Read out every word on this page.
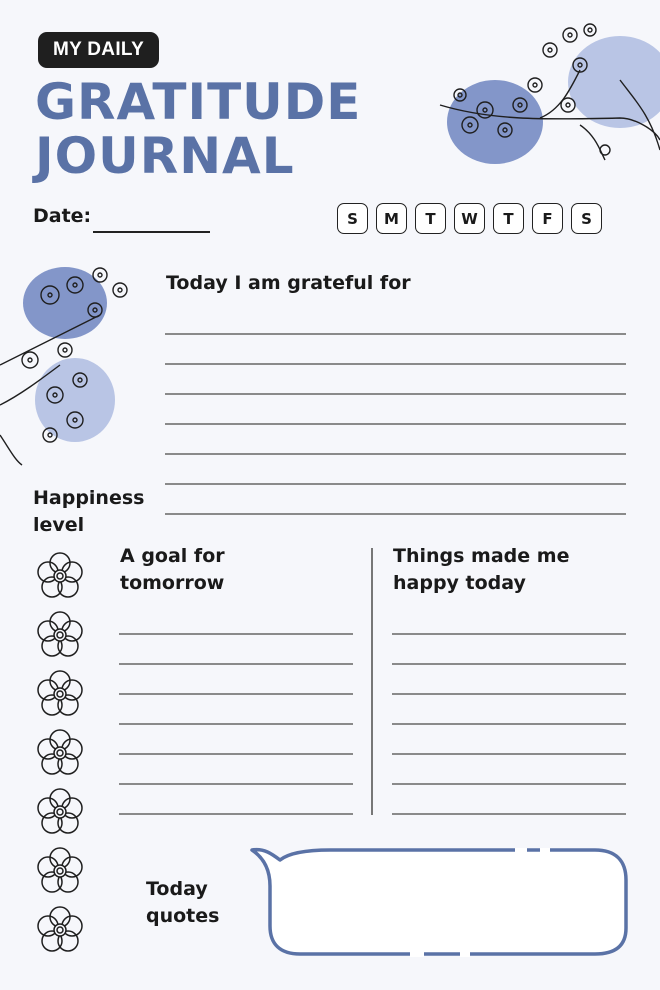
MY DAILY
GRATITUDE
JOURNAL
Date:	S	M	T	W	T	F	S
Today I am grateful for
Happiness level
A goal for tomorrow
Things made me happy today
Today quotes
